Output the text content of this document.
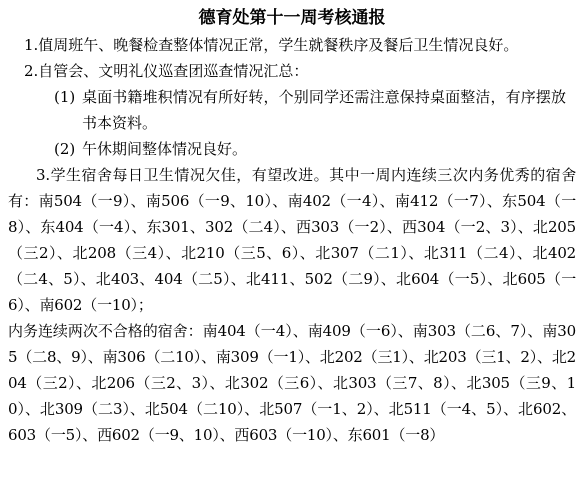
德育处第十一周考核通报

1.值周班午、晚餐检查整体情况正常，学生就餐秩序及餐后卫生情况良好。

2.自管会、文明礼仪巡查团巡查情况汇总：

(1) 桌面书籍堆积情况有所好转，个别同学还需注意保持桌面整洁，有序摆放书本资料。
(2) 午休期间整体情况良好。

3.学生宿舍每日卫生情况欠佳，有望改进。其中一周内连续三次内务优秀的宿舍有：南504（一9）、南506（一9、10）、南402（一4）、南412（一7）、东504（一8）、东404（一4）、东301、302（二4）、西303（一2）、西304（一2、3）、北205（三2）、北208（三4）、北210（三5、6）、北307（二1）、北311（二4）、北402（二4、5）、北403、404（二5）、北411、502（二9）、北604（一5）、北605（一6）、南602（一10）；

内务连续两次不合格的宿舍：南404（一4）、南409（一6）、南303（二6、7）、南305（二8、9）、南306（二10）、南309（一1）、北202（三1）、北203（三1、2）、北204（三2）、北206（三2、3）、北302（三6）、北303（三7、8）、北305（三9、10）、北309（二3）、北504（二10）、北507（一1、2）、北511（一4、5）、北602、603（一5）、西602（一9、10）、西603（一10）、东601（一8）
